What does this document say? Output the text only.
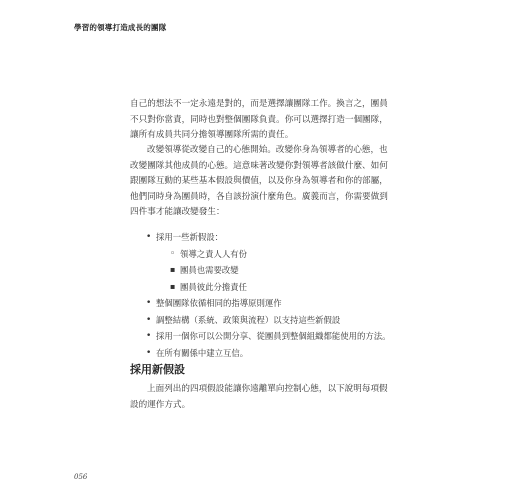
學習的領導打造成長的團隊

自己的想法不一定永遠是對的，而是選擇讓團隊工作。換言之，團員不只對你當責，同時也對整個團隊負責。你可以選擇打造一個團隊，讓所有成員共同分擔領導團隊所需的責任。

改變領導從改變自己的心態開始。改變你身為領導者的心態，也改變團隊其他成員的心態。這意味著改變你對領導者該做什麼、如何跟團隊互動的某些基本假設與價值，以及你身為領導者和你的部屬，他們同時身為團員時，各自該扮演什麼角色。廣義而言，你需要做到四件事才能讓改變發生：

• 採用一些新假設：
◦ 領導之責人人有份
▪ 團員也需要改變
▪ 團員彼此分擔責任
• 整個團隊依循相同的指導原則運作
• 調整結構（系統、政策與流程）以支持這些新假設
• 採用一個你可以公開分享、從團員到整個組織都能使用的方法。
• 在所有關係中建立互信。
採用新假設

上面列出的四項假設能讓你遠離單向控制心態，以下說明每項假設的運作方式。

056
